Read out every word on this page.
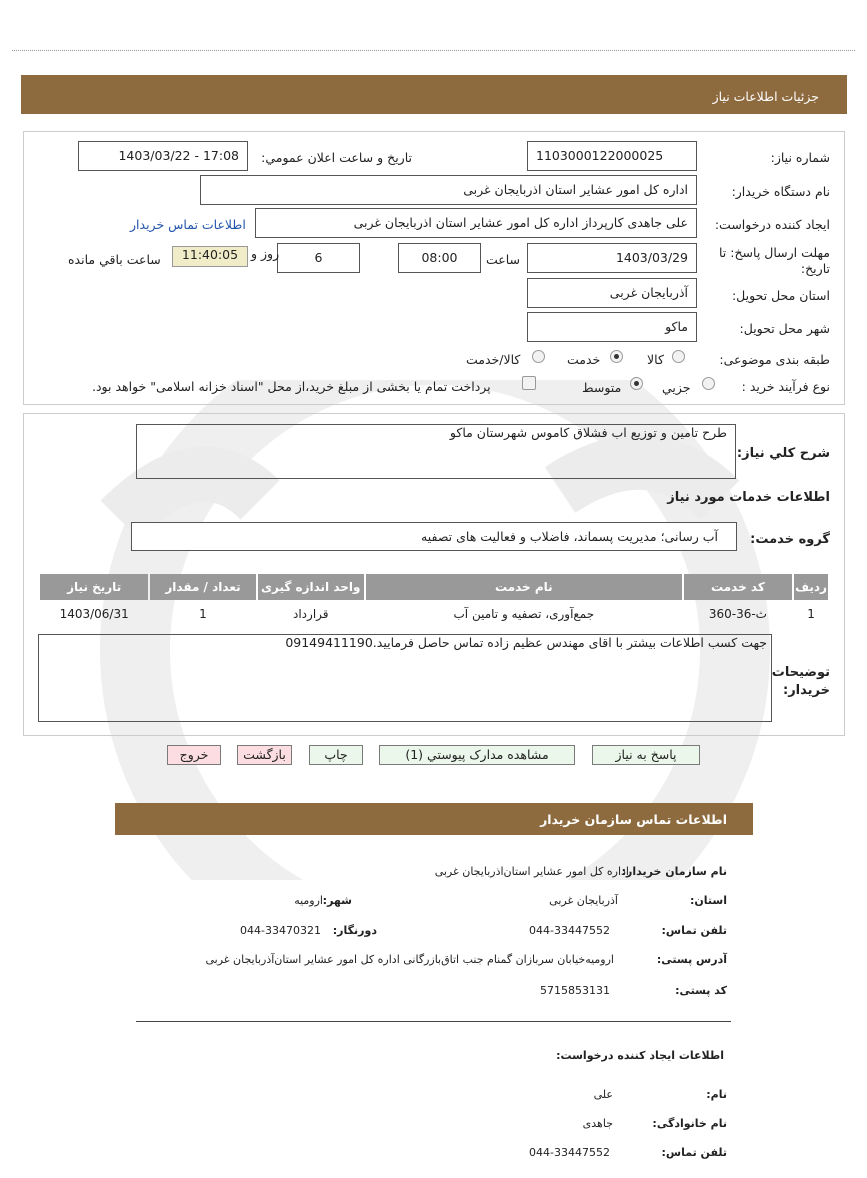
جزئیات اطلاعات نیاز
شماره نیاز:
1103000122000025
تاریخ و ساعت اعلان عمومي:
1403/03/22 - 17:08
نام دستگاه خریدار:
اداره کل امور عشایر استان اذربایجان غربی
ایجاد کننده درخواست:
علی جاهدی کارپرداز اداره کل امور عشایر استان اذربایجان غربی
اطلاعات تماس خریدار
مهلت ارسال پاسخ: تا تاریخ:
1403/03/29
ساعت
08:00
6
روز و
11:40:05
ساعت باقي مانده
استان محل تحویل:
آذربایجان غربی
شهر محل تحویل:
ماکو
طبقه بندی موضوعی:
کالا
خدمت
کالا/خدمت
نوع فرآیند خرید :
جزیي
متوسط
پرداخت تمام یا بخشی از مبلغ خرید،از محل "اسناد خزانه اسلامی" خواهد بود.
شرح كلي نياز:
طرح تامین و توزیع اب فشلاق کاموس شهرستان ماکو
اطلاعات خدمات مورد نیاز
گروه خدمت:
آب رسانی؛ مدیریت پسماند، فاضلاب و فعالیت های تصفیه
ردیف	کد خدمت	نام خدمت	واحد اندازه گیری	تعداد / مقدار	تاریخ نیاز
1	ث-36-360	جمع‌آوری، تصفیه و تامین آب	قرارداد	1	1403/06/31
توضیحات خریدار:
جهت کسب اطلاعات بیشتر با اقای مهندس عظیم زاده تماس حاصل فرمایید.09149411190
پاسخ به نیاز
مشاهده مدارک پیوستي (1)
چاپ
بازگشت
خروج
اطلاعات تماس سازمان خریدار
نام سازمان خریدار:
اداره کل امور عشایر استان‌اذربایجان غربی
استان:
آذربایجان غربی
شهر:
ارومیه
تلفن تماس:
044-33447552
دورنگار:
044-33470321
آدرس پستی:
ارومیه‌خیابان سربازان گمنام جنب اتاق‌بازرگانی اداره کل امور عشایر استان‌آذربایجان غربی
کد پستی:
5715853131
اطلاعات ایجاد کننده درخواست:
نام:
علی
نام خانوادگی:
جاهدی
تلفن تماس:
044-33447552
